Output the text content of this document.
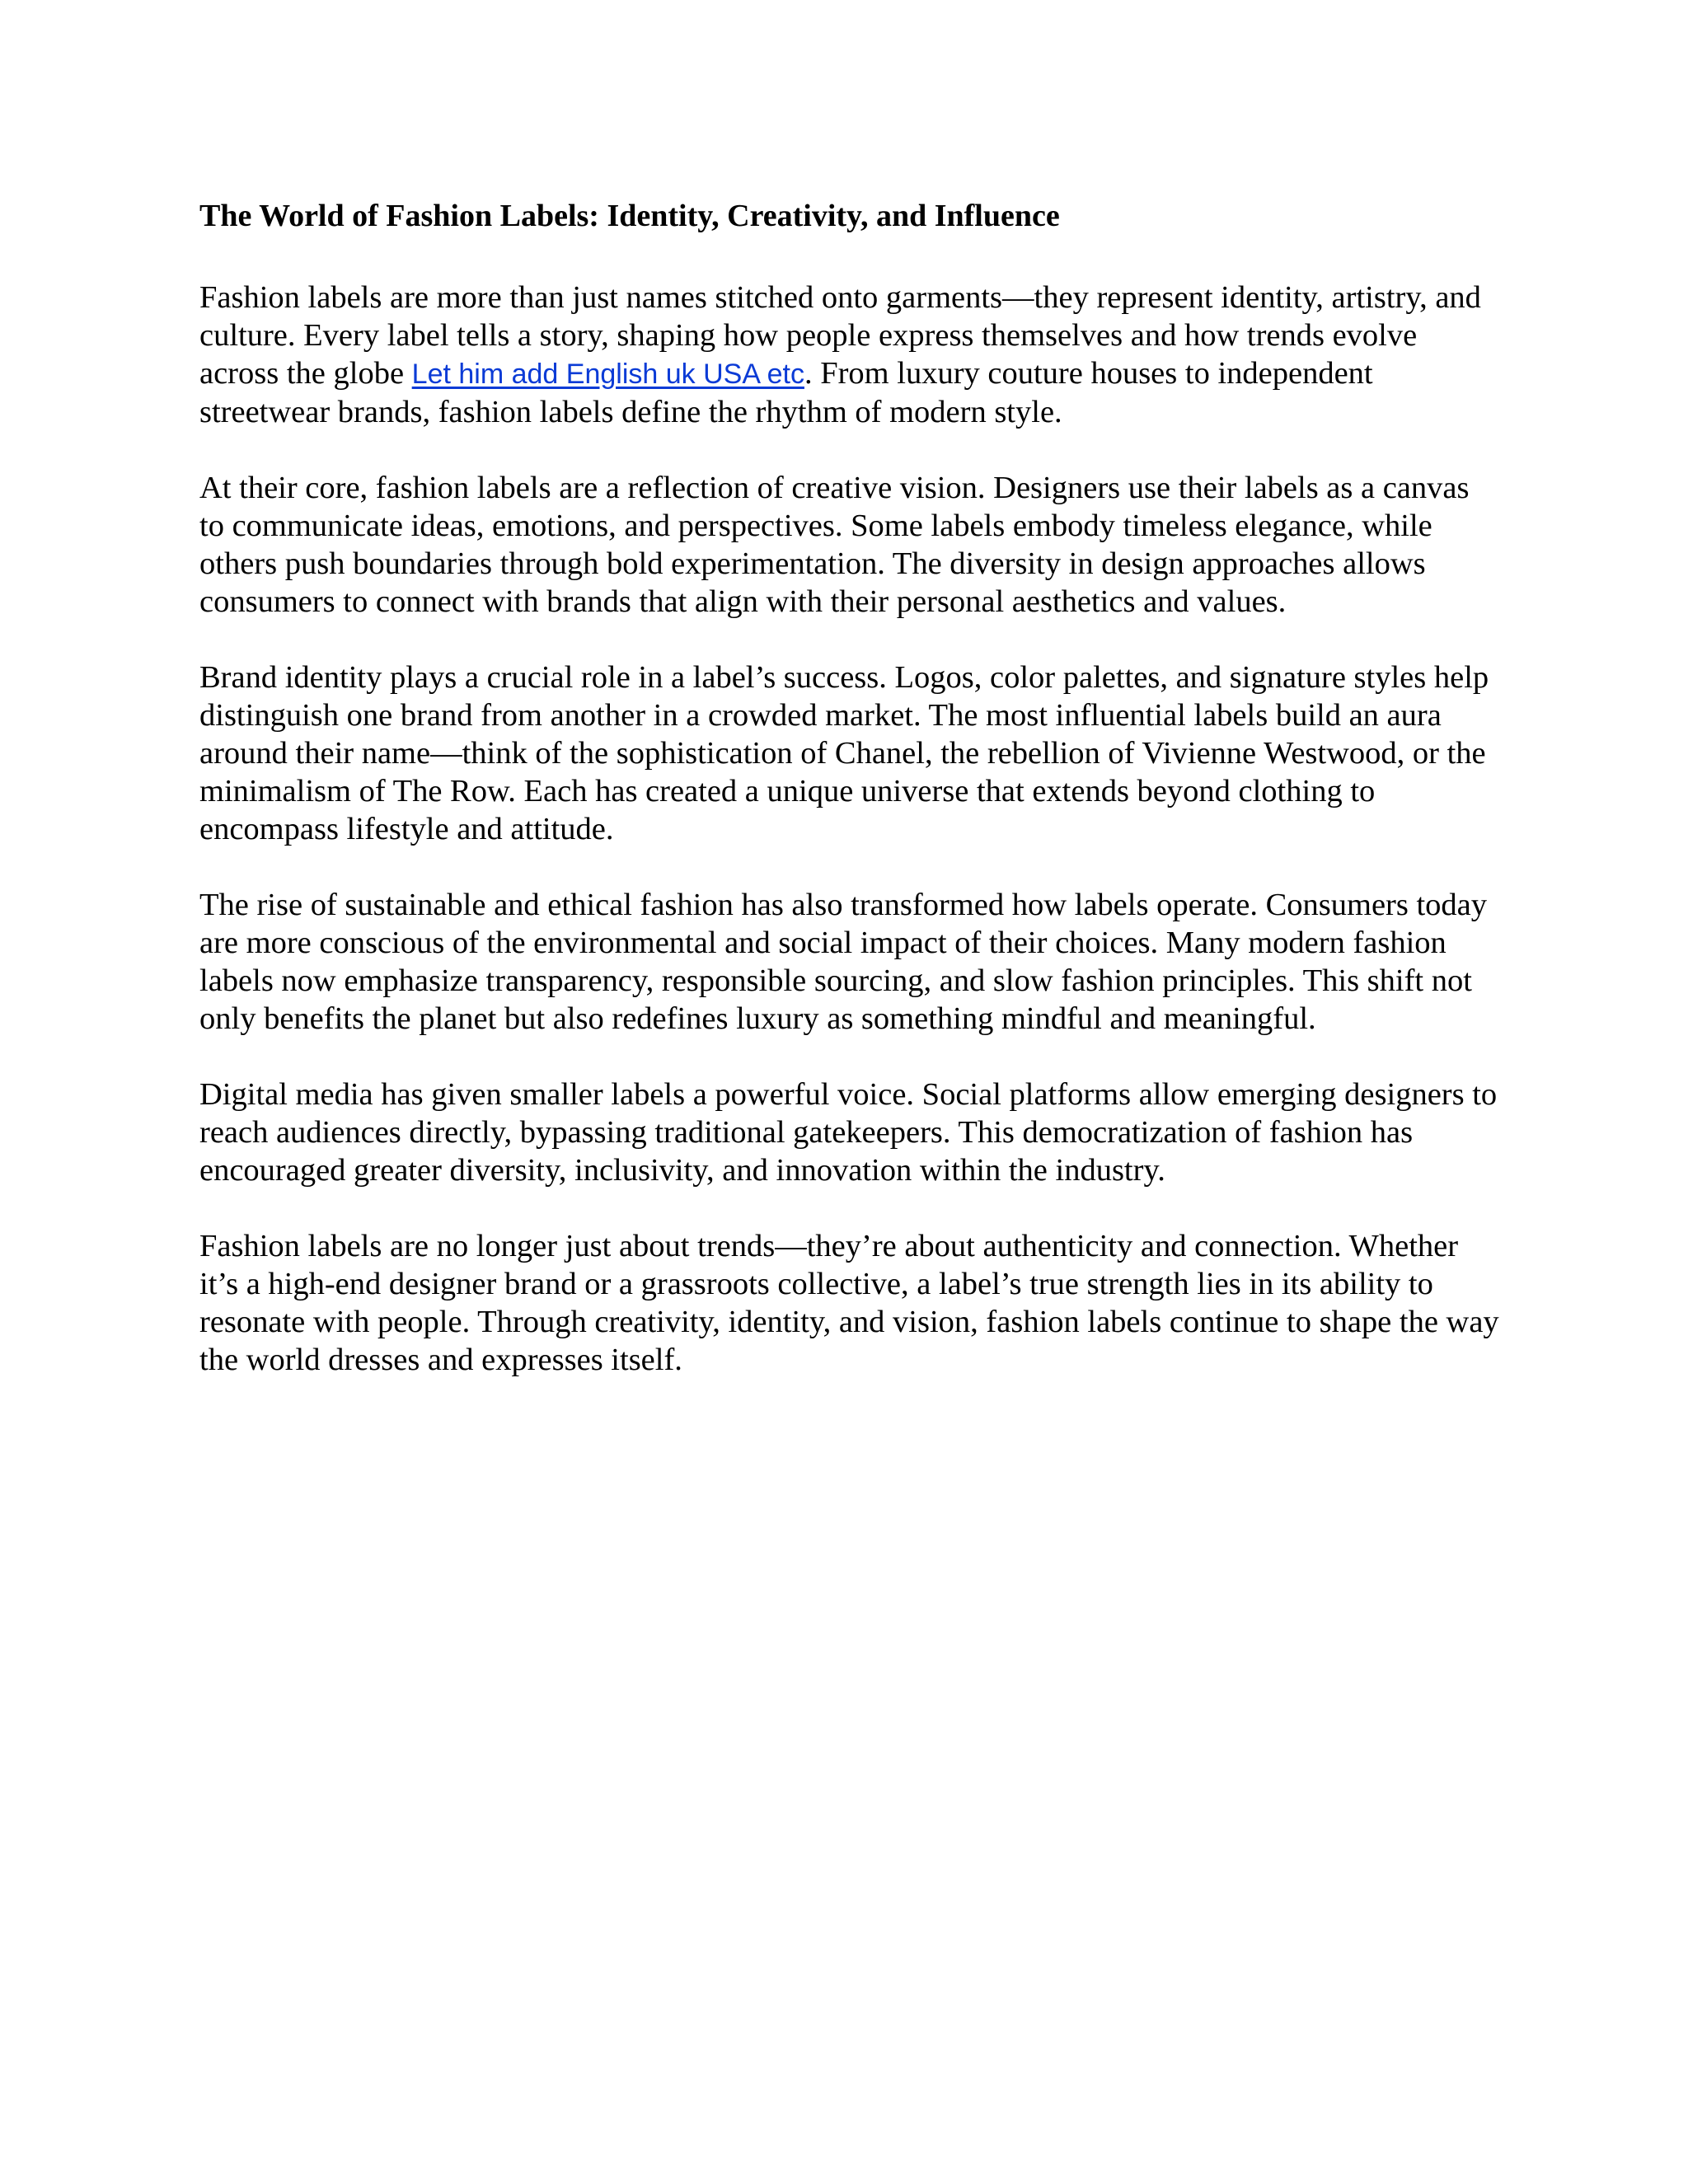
The World of Fashion Labels: Identity, Creativity, and Influence

Fashion labels are more than just names stitched onto garments—they represent identity, artistry, and culture. Every label tells a story, shaping how people express themselves and how trends evolve across the globe Let him add English uk USA etc. From luxury couture houses to independent streetwear brands, fashion labels define the rhythm of modern style.

At their core, fashion labels are a reflection of creative vision. Designers use their labels as a canvas to communicate ideas, emotions, and perspectives. Some labels embody timeless elegance, while others push boundaries through bold experimentation. The diversity in design approaches allows consumers to connect with brands that align with their personal aesthetics and values.

Brand identity plays a crucial role in a label’s success. Logos, color palettes, and signature styles help distinguish one brand from another in a crowded market. The most influential labels build an aura around their name—think of the sophistication of Chanel, the rebellion of Vivienne Westwood, or the minimalism of The Row. Each has created a unique universe that extends beyond clothing to encompass lifestyle and attitude.

The rise of sustainable and ethical fashion has also transformed how labels operate. Consumers today are more conscious of the environmental and social impact of their choices. Many modern fashion labels now emphasize transparency, responsible sourcing, and slow fashion principles. This shift not only benefits the planet but also redefines luxury as something mindful and meaningful.

Digital media has given smaller labels a powerful voice. Social platforms allow emerging designers to reach audiences directly, bypassing traditional gatekeepers. This democratization of fashion has encouraged greater diversity, inclusivity, and innovation within the industry.

Fashion labels are no longer just about trends—they’re about authenticity and connection. Whether it’s a high-end designer brand or a grassroots collective, a label’s true strength lies in its ability to resonate with people. Through creativity, identity, and vision, fashion labels continue to shape the way the world dresses and expresses itself.
